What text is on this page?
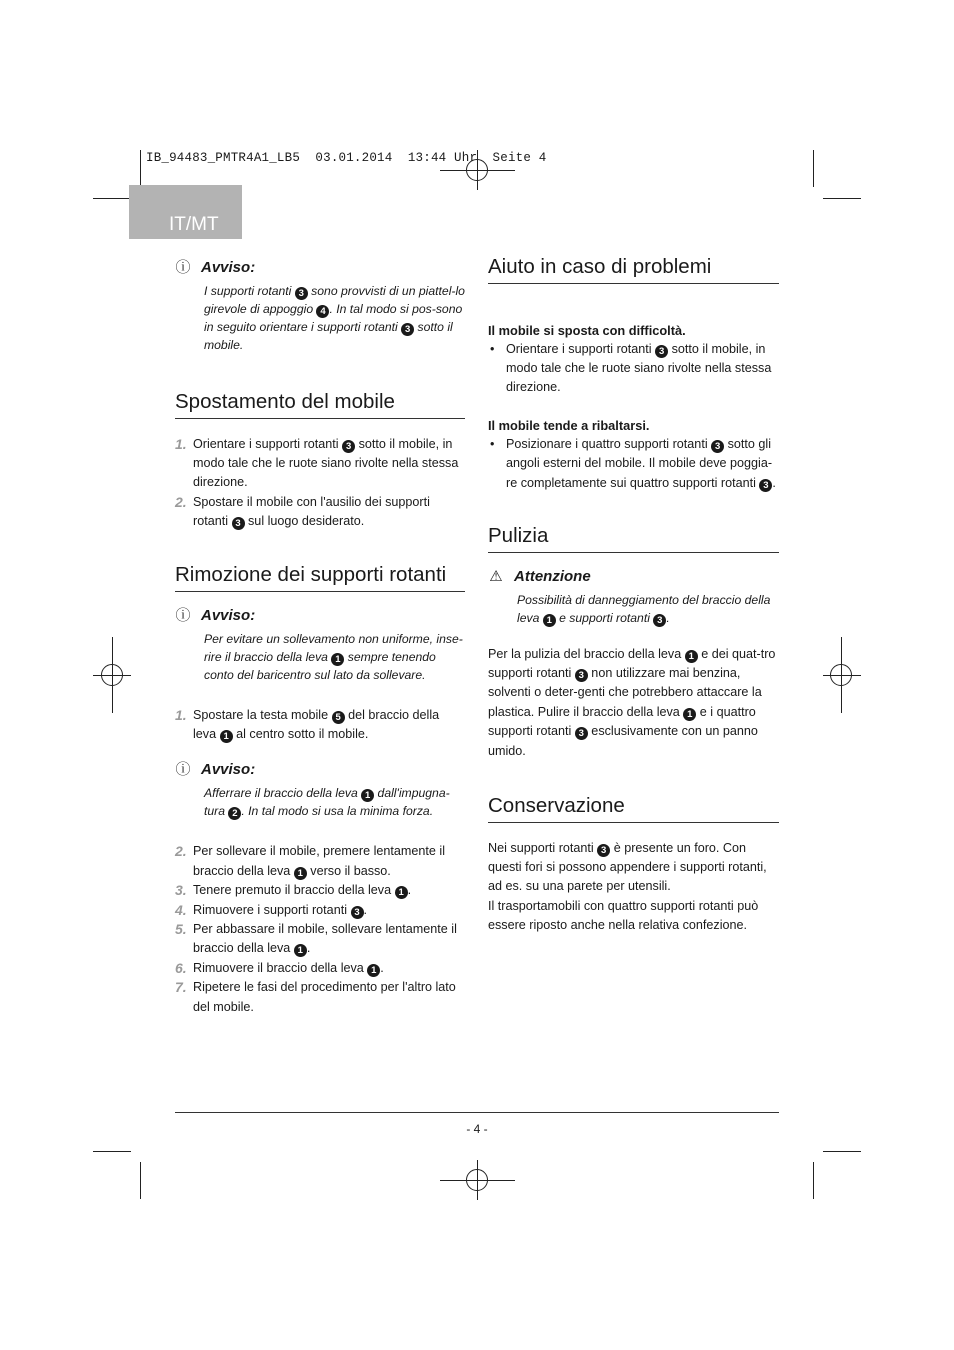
IB_94483_PMTR4A1_LB5  03.01.2014  13:44 Uhr  Seite 4
IT/MT
ⓘ Avviso:
I supporti rotanti 3 sono provvisti di un piattel-lo girevole di appoggio 4 . In tal modo si pos-sono in seguito orientare i supporti rotanti 3 sotto il mobile.
Spostamento del mobile
1. Orientare i supporti rotanti 3 sotto il mobile, in modo tale che le ruote siano rivolte nella stessa direzione.
2. Spostare il mobile con l'ausilio dei supporti rotanti 3 sul luogo desiderato.
Rimozione dei supporti rotanti
ⓘ Avviso:
Per evitare un sollevamento non uniforme, inse-rire il braccio della leva 1 sempre tenendo conto del baricentro sul lato da sollevare.
1. Spostare la testa mobile 5 del braccio della leva 1 al centro sotto il mobile.
ⓘ Avviso:
Afferrare il braccio della leva 1 dall'impugna-tura 2 . In tal modo si usa la minima forza.
2. Per sollevare il mobile, premere lentamente il braccio della leva 1 verso il basso.
3. Tenere premuto il braccio della leva 1 .
4. Rimuovere i supporti rotanti 3 .
5. Per abbassare il mobile, sollevare lentamente il braccio della leva 1 .
6. Rimuovere il braccio della leva 1 .
7. Ripetere le fasi del procedimento per l'altro lato del mobile.
Aiuto in caso di problemi
Il mobile si sposta con difficoltà.
• Orientare i supporti rotanti 3 sotto il mobile, in modo tale che le ruote siano rivolte nella stessa direzione.
Il mobile tende a ribaltarsi.
• Posizionare i quattro supporti rotanti 3 sotto gli angoli esterni del mobile. Il mobile deve poggia-re completamente sui quattro supporti rotanti 3 .
Pulizia
⚠ Attenzione
Possibilità di danneggiamento del braccio della leva 1 e supporti rotanti 3 .

Per la pulizia del braccio della leva 1 e dei quat-tro supporti rotanti 3 non utilizzare mai benzina, solventi o deter-genti che potrebbero attaccare la plastica. Pulire il braccio della leva 1 e i quattro supporti rotanti 3 esclusivamente con un panno umido.

Conservazione

Nei supporti rotanti 3 è presente un foro. Con questi fori si possono appendere i supporti rotanti, ad es. su una parete per utensili.

Il trasportamobili con quattro supporti rotanti può essere riposto anche nella relativa confezione.

- 4 -
